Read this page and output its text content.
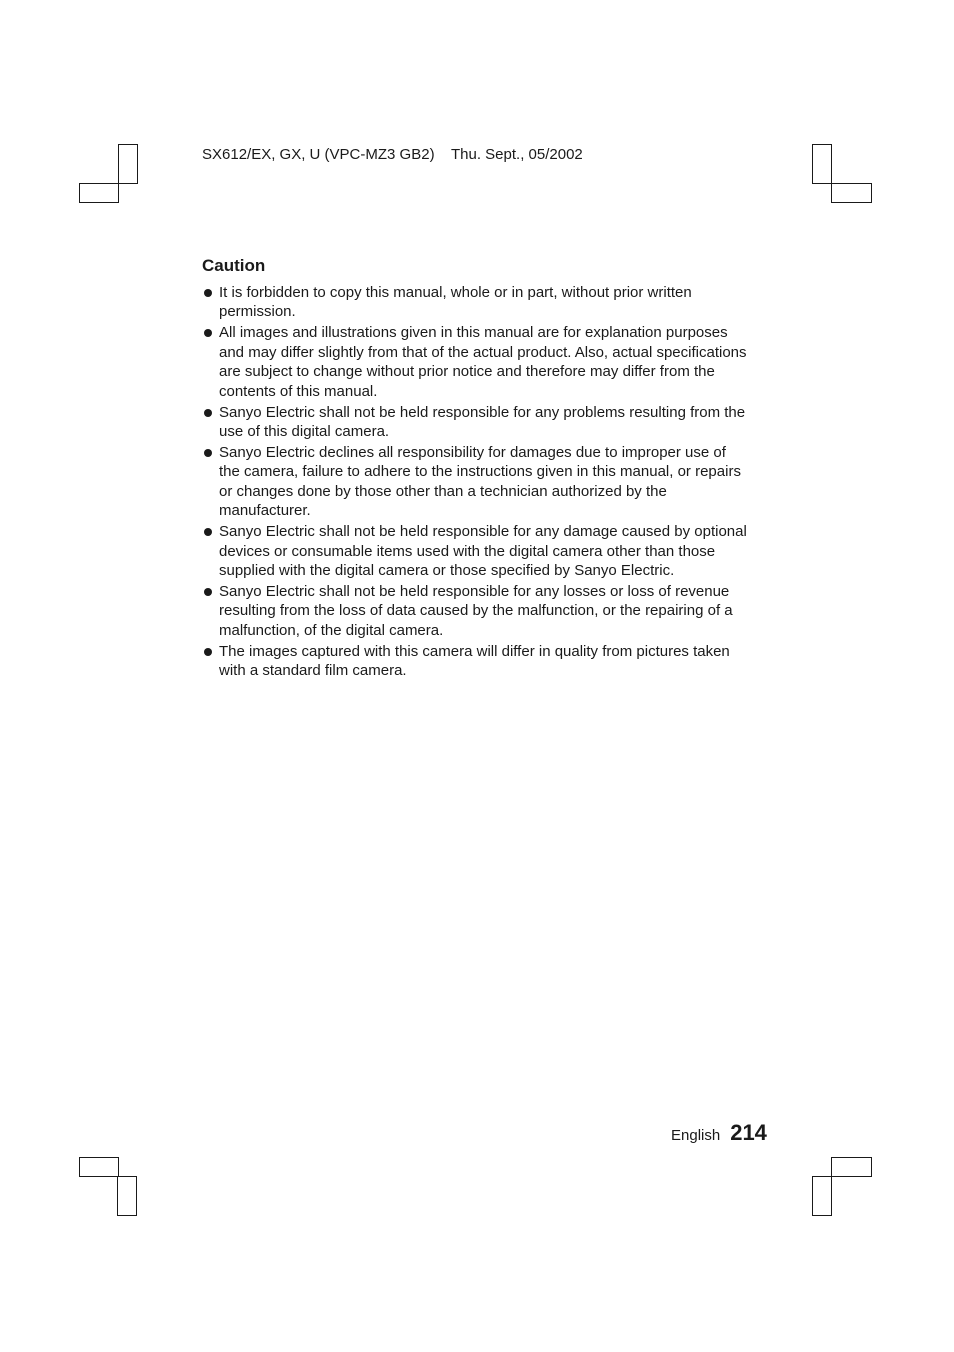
SX612/EX, GX, U (VPC-MZ3 GB2) Thu. Sept., 05/2002
Caution
It is forbidden to copy this manual, whole or in part, without prior written permission.
All images and illustrations given in this manual are for explanation purposes and may differ slightly from that of the actual product. Also, actual specifications are subject to change without prior notice and therefore may differ from the contents of this manual.
Sanyo Electric shall not be held responsible for any problems resulting from the use of this digital camera.
Sanyo Electric declines all responsibility for damages due to improper use of the camera, failure to adhere to the instructions given in this manual, or repairs or changes done by those other than a technician authorized by the manufacturer.
Sanyo Electric shall not be held responsible for any damage caused by optional devices or consumable items used with the digital camera other than those supplied with the digital camera or those specified by Sanyo Electric.
Sanyo Electric shall not be held responsible for any losses or loss of revenue resulting from the loss of data caused by the malfunction, or the repairing of a malfunction, of the digital camera.
The images captured with this camera will differ in quality from pictures taken with a standard film camera.
English 214
